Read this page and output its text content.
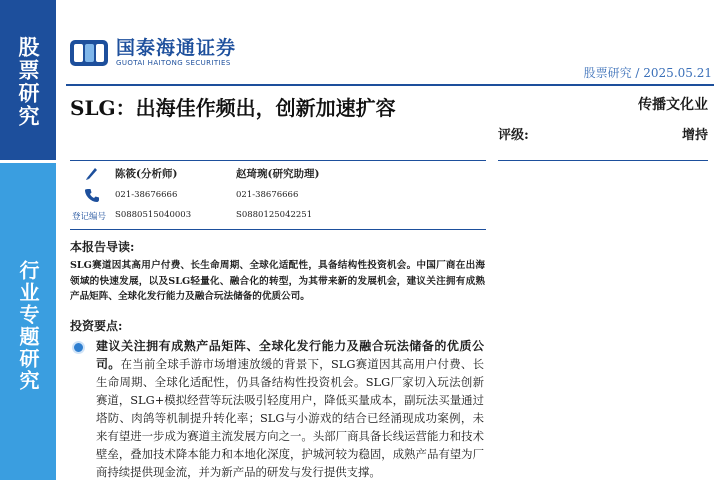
股票研究
行业专题研究
国泰海通证券
GUOTAI HAITONG SECURITIES
股票研究 / 2025.05.21
SLG：出海佳作频出，创新加速扩容	传播文化业
评级:	增持
陈筱(分析师)
021-38676666
S0880515040003
赵琦琬(研究助理)
021-38676666
S0880125042251
登记编号
本报告导读:
SLG赛道因其高用户付费、长生命周期、全球化适配性，具备结构性投资机会。中国厂商在出海领域的快速发展，以及SLG轻量化、融合化的转型，为其带来新的发展机会，建议关注拥有成熟产品矩阵、全球化发行能力及融合玩法储备的优质公司。
投资要点:
建议关注拥有成熟产品矩阵、全球化发行能力及融合玩法储备的优质公司。在当前全球手游市场增速放缓的背景下，SLG赛道因其高用户付费、长生命周期、全球化适配性，仍具备结构性投资机会。SLG厂家切入玩法创新赛道，SLG+模拟经营等玩法吸引轻度用户，降低买量成本，副玩法买量通过塔防、肉鸽等机制提升转化率；SLG与小游戏的结合已经涌现成功案例，未来有望进一步成为赛道主流发展方向之一。头部厂商具备长线运营能力和技术壁垒，叠加技术降本能力和本地化深度，护城河较为稳固，成熟产品有望为厂商持续提供现金流，并为新产品的研发与发行提供支撑。
